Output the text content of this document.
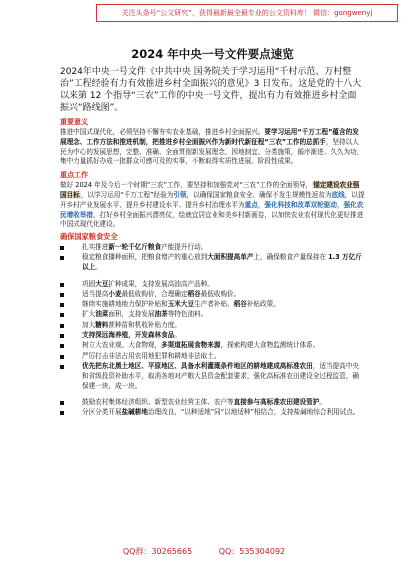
关注头条号“公文研究”，获得最新最全最专业的公文资料库！ 微信：gongwenyj
2024 年中央一号文件要点速览
2024年中央一号文件《中共中央 国务院关于学习运用“千村示范、万村整治”工程经验有力有效推进乡村全面振兴的意见》3 日发布。这是党的十八大以来第 12 个指导“三农”工作的中央一号文件，提出有力有效推进乡村全面振兴“路线图”。
重要意义
推进中国式现代化，必须坚持不懈夯实农业基础，推进乡村全面振兴。要学习运用“千万工程”蕴含的发展理念、工作方法和推进机制，把推进乡村全面振兴作为新时代新征程“三农”工作的总抓手，坚持以人民为中心的发展思想，完整、准确、全面贯彻新发展理念，因地制宜、分类施策，循序渐进、久久为功，集中力量抓好办成一批群众可感可及的实事，不断取得实质性进展、阶段性成果。
重点工作
做好 2024 年及今后一个时期“三农”工作，要坚持和加强党对“三农”工作的全面领导，锚定建设农业强国目标，以学习运用“千万工程”经验为引领，以确保国家粮食安全、确保不发生规模性返贫为底线，以提升乡村产业发展水平、提升乡村建设水平、提升乡村治理水平为重点，强化科技和改革双轮驱动，强化农民增收举措，打好乡村全面振兴漂亮仗，绘就宜居宜业和美乡村新画卷，以加快农业农村现代化更好推进中国式现代化建设。
确保国家粮食安全
扎实推进新一轮千亿斤粮食产能提升行动。
稳定粮食播种面积，把粮食增产的重心放到大面积提高单产上，确保粮食产量保持在 1.3 万亿斤以上。
巩固大豆扩种成果，支持发展高油高产品种。
适当提高小麦最低收购价，合理确定稻谷最低收购价。
继续实施耕地地力保护补贴和玉米大豆生产者补贴、稻谷补贴政策。
扩大油菜面积，支持发展油茶等特色油料。
加大糖料蔗种苗和机收补贴力度。
支持深远海养殖，开发森林食品。
树立大农业观、大食物观，多渠道拓展食物来源，探索构建大食物监测统计体系。
严厉打击非法占用农用地犯罪和耕地非法取土。
优先把东北黑土地区、平原地区、具备水利灌溉条件地区的耕地建成高标准农田，适当提高中央和省级投资补助水平，取消各地对产粮大县资金配套要求，强化高标准农田建设全过程监管，确保建一块、成一块。
鼓励农村集体经济组织、新型农业经营主体、农户等直接参与高标准农田建设管护。
分区分类开展盐碱耕地治理改良，“以种适地”同“以地适种”相结合，支持盐碱地综合利用试点。
QQ群：30265665	QQ：535304092
